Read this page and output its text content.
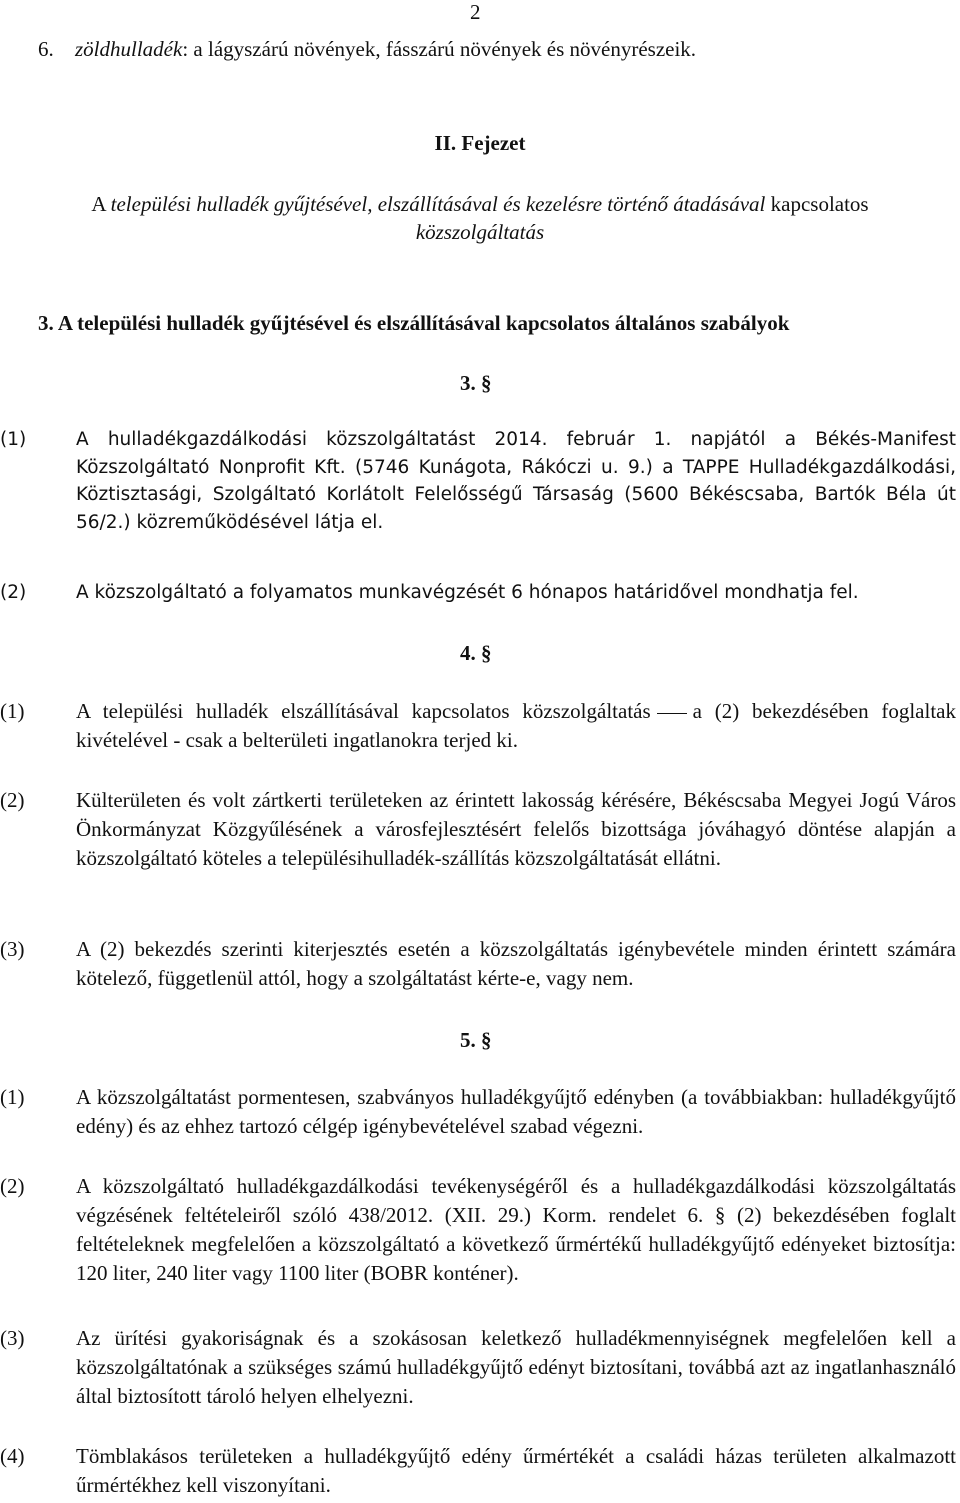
2
6. zöldhulladék: a lágyszárú növények, fásszárú növények és növényrészeik.
II. Fejezet
A települési hulladék gyűjtésével, elszállításával és kezelésre történő átadásával kapcsolatos
közszolgáltatás
3. A települési hulladék gyűjtésével és elszállításával kapcsolatos általános szabályok
3. §
(1)	A hulladékgazdálkodási közszolgáltatást 2014. február 1. napjától a Békés-Manifest Közszolgáltató Nonprofit Kft. (5746 Kunágota, Rákóczi u. 9.) a TAPPE Hulladékgazdálkodási, Köztisztasági, Szolgáltató Korlátolt Felelősségű Társaság (5600 Békéscsaba, Bartók Béla út 56/2.) közreműködésével látja el.
(2)	A közszolgáltató a folyamatos munkavégzését 6 hónapos határidővel mondhatja fel.
4. §
(1)	A települési hulladék elszállításával kapcsolatos közszolgáltatás a (2) bekezdésében foglaltak kivételével - csak a belterületi ingatlanokra terjed ki.
(2)	Külterületen és volt zártkerti területeken az érintett lakosság kérésére, Békéscsaba Megyei Jogú Város Önkormányzat Közgyűlésének a városfejlesztésért felelős bizottsága jóváhagyó döntése alapján a közszolgáltató köteles a településihulladék-szállítás közszolgáltatását ellátni.
(3)	A (2) bekezdés szerinti kiterjesztés esetén a közszolgáltatás igénybevétele minden érintett számára kötelező, függetlenül attól, hogy a szolgáltatást kérte-e, vagy nem.
5. §
(1)	A közszolgáltatást pormentesen, szabványos hulladékgyűjtő edényben (a továbbiakban: hulladékgyűjtő edény) és az ehhez tartozó célgép igénybevételével szabad végezni.
(2)	A közszolgáltató hulladékgazdálkodási tevékenységéről és a hulladékgazdálkodási közszolgáltatás végzésének feltételeiről szóló 438/2012. (XII. 29.) Korm. rendelet 6. § (2) bekezdésében foglalt feltételeknek megfelelően a közszolgáltató a következő űrmértékű hulladékgyűjtő edényeket biztosítja: 120 liter, 240 liter vagy 1100 liter (BOBR konténer).
(3)	Az ürítési gyakoriságnak és a szokásosan keletkező hulladékmennyiségnek megfelelően kell a közszolgáltatónak a szükséges számú hulladékgyűjtő edényt biztosítani, továbbá azt az ingatlanhasználó által biztosított tároló helyen elhelyezni.
(4)	Tömblakásos területeken a hulladékgyűjtő edény űrmértékét a családi házas területen alkalmazott űrmértékhez kell viszonyítani.
